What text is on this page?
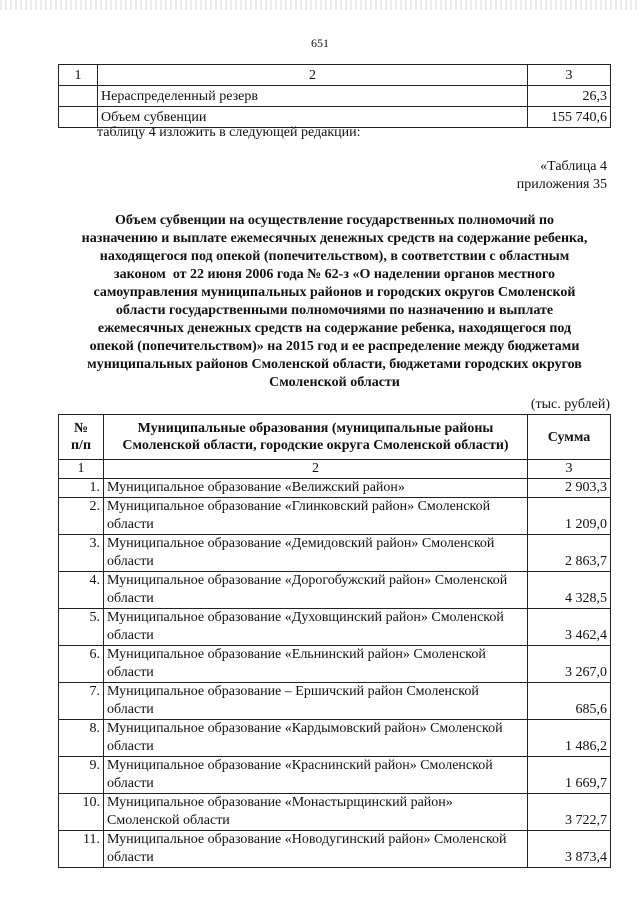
651
1	2	3
	Нераспределенный резерв	26,3
	Объем субвенции	155 740,6
таблицу 4 изложить в следующей редакции:
«Таблица 4
приложения 35
Объем субвенции на осуществление государственных полномочий по
назначению и выплате ежемесячных денежных средств на содержание ребенка,
находящегося под опекой (попечительством), в соответствии с областным
законом  от 22 июня 2006 года № 62-з «О наделении органов местного
самоуправления муниципальных районов и городских округов Смоленской
области государственными полномочиями по назначению и выплате
ежемесячных денежных средств на содержание ребенка, находящегося под
опекой (попечительством)» на 2015 год и ее распределение между бюджетами
муниципальных районов Смоленской области, бюджетами городских округов
Смоленской области
(тыс. рублей)
№
п/п	Муниципальные образования (муниципальные районы Смоленской области, городские округа Смоленской области)	Сумма
1	2	3
1.	Муниципальное образование «Велижский район»	2 903,3
2.	Муниципальное образование «Глинковский район» Смоленской области	1 209,0
3.	Муниципальное образование «Демидовский район» Смоленской области	2 863,7
4.	Муниципальное образование «Дорогобужский район» Смоленской области	4 328,5
5.	Муниципальное образование «Духовщинский район» Смоленской области	3 462,4
6.	Муниципальное образование «Ельнинский район» Смоленской области	3 267,0
7.	Муниципальное образование – Ершичский район Смоленской области	685,6
8.	Муниципальное образование «Кардымовский район» Смоленской области	1 486,2
9.	Муниципальное образование «Краснинский район» Смоленской области	1 669,7
10.	Муниципальное образование «Монастырщинский район» Смоленской области	3 722,7
11.	Муниципальное образование «Новодугинский район» Смоленской области	3 873,4
